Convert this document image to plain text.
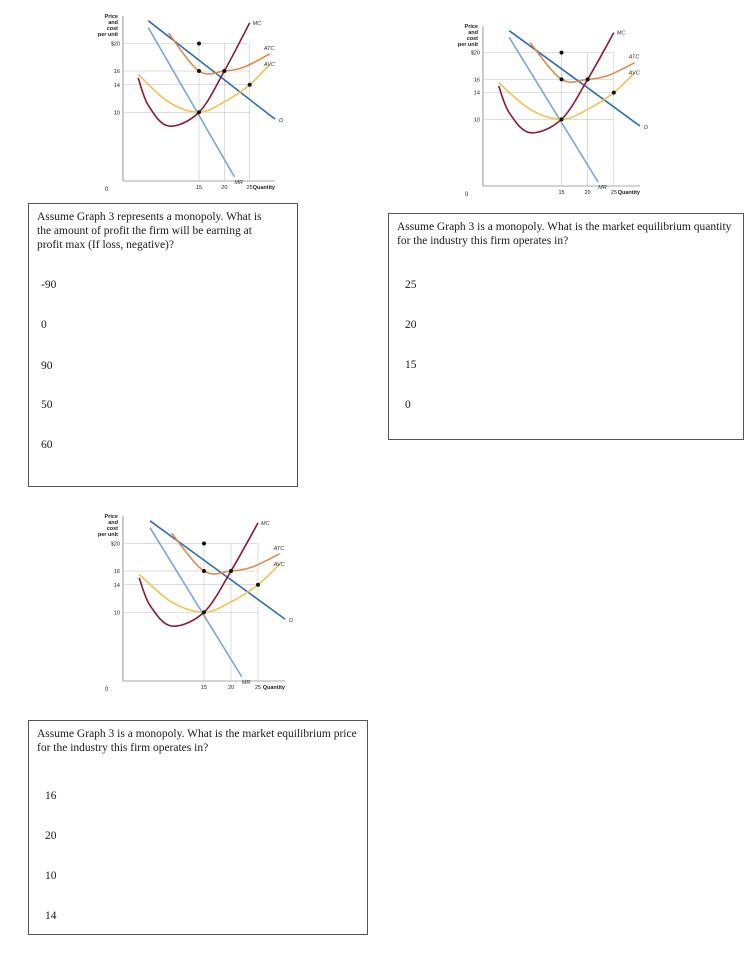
Price
and
cost
per unit
0
$20
16
14
10
15	20	25 Quantity
D
MR
MC
ATC
AVC
Price
and
cost
per unit
0
$20
16
14
10
15	20	25 Quantity
D
MR
MC
ATC
AVC
Price
and
cost
per unit
0
$20
16
14
10
15	20	25 Quantity
D
MR
MC
ATC
AVC

Assume Graph 3 represents a monopoly. What is the amount of profit the firm will be earning at profit max (If loss, negative)?

-90
0
90
50
60

Assume Graph 3 is a monopoly. What is the market equilibrium quantity for the industry this firm operates in?

25
20
15
0

Assume Graph 3 is a monopoly. What is the market equilibrium price for the industry this firm operates in?

16
20
10
14
